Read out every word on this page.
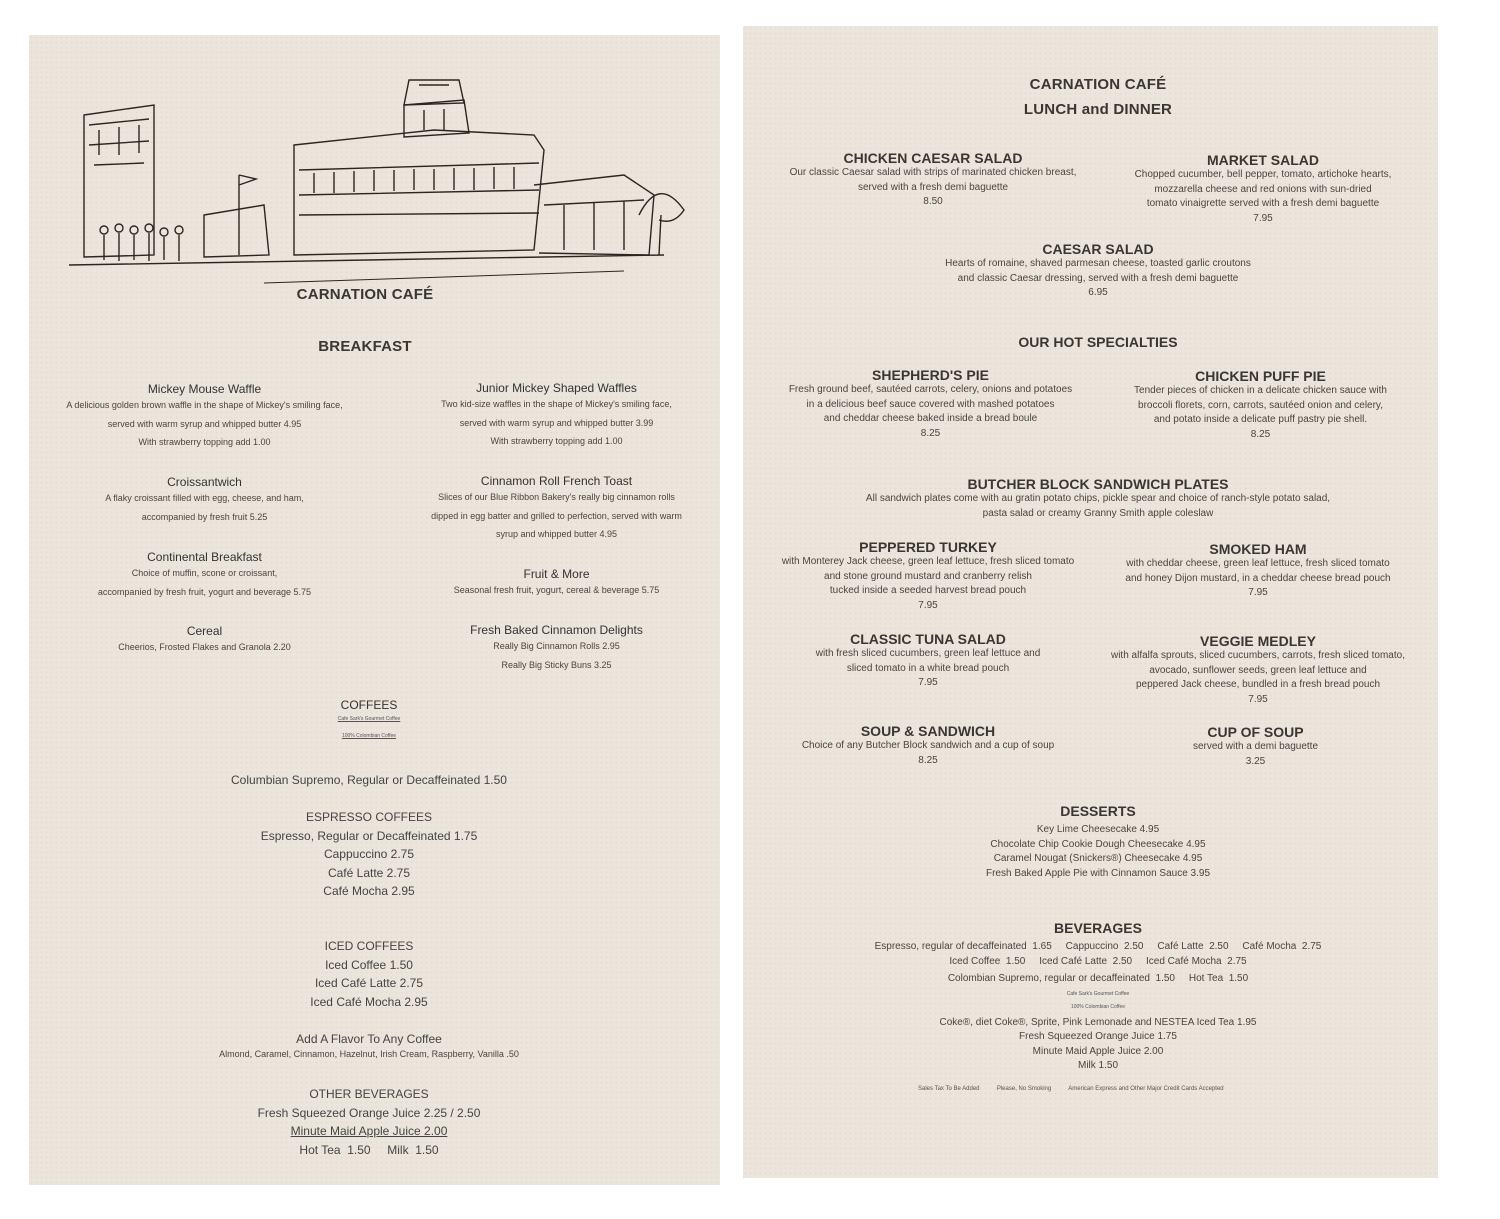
CARNATION CAFÉ
BREAKFAST
Mickey Mouse Waffle
A delicious golden brown waffle in the shape of Mickey's smiling face,
served with warm syrup and whipped butter 4.95
With strawberry topping add 1.00
Croissantwich
A flaky croissant filled with egg, cheese, and ham,
accompanied by fresh fruit 5.25
Continental Breakfast
Choice of muffin, scone or croissant,
accompanied by fresh fruit, yogurt and beverage 5.75
Cereal
Cheerios, Frosted Flakes and Granola 2.20
Junior Mickey Shaped Waffles
Two kid-size waffles in the shape of Mickey's smiling face,
served with warm syrup and whipped butter 3.99
With strawberry topping add 1.00
Cinnamon Roll French Toast
Slices of our Blue Ribbon Bakery's really big cinnamon rolls
dipped in egg batter and grilled to perfection, served with warm
syrup and whipped butter 4.95
Fruit & More
Seasonal fresh fruit, yogurt, cereal & beverage 5.75
Fresh Baked Cinnamon Delights
Really Big Cinnamon Rolls 2.95
Really Big Sticky Buns 3.25
COFFEES
Cafe Sark's Gourmet Coffee
100% Colombian Coffee
Columbian Supremo, Regular or Decaffeinated 1.50
ESPRESSO COFFEES
Espresso, Regular or Decaffeinated 1.75
Cappuccino 2.75
Café Latte 2.75
Café Mocha 2.95
ICED COFFEES
Iced Coffee 1.50
Iced Café Latte 2.75
Iced Café Mocha 2.95
Add A Flavor To Any Coffee
Almond, Caramel, Cinnamon, Hazelnut, Irish Cream, Raspberry, Vanilla .50
OTHER BEVERAGES
Fresh Squeezed Orange Juice 2.25 / 2.50
Minute Maid Apple Juice 2.00
Hot Tea  1.50     Milk  1.50
CARNATION CAFÉ
LUNCH and DINNER
CHICKEN CAESAR SALAD
Our classic Caesar salad with strips of marinated chicken breast,
served with a fresh demi baguette
8.50
MARKET SALAD
Chopped cucumber, bell pepper, tomato, artichoke hearts,
mozzarella cheese and red onions with sun-dried
tomato vinaigrette served with a fresh demi baguette
7.95
CAESAR SALAD
Hearts of romaine, shaved parmesan cheese, toasted garlic croutons
and classic Caesar dressing, served with a fresh demi baguette
6.95
OUR HOT SPECIALTIES
SHEPHERD'S PIE
Fresh ground beef, sautéed carrots, celery, onions and potatoes
in a delicious beef sauce covered with mashed potatoes
and cheddar cheese baked inside a bread boule
8.25
CHICKEN PUFF PIE
Tender pieces of chicken in a delicate chicken sauce with
broccoli florets, corn, carrots, sautéed onion and celery,
and potato inside a delicate puff pastry pie shell.
8.25
BUTCHER BLOCK SANDWICH PLATES
All sandwich plates come with au gratin potato chips, pickle spear and choice of ranch-style potato salad,
pasta salad or creamy Granny Smith apple coleslaw
PEPPERED TURKEY
with Monterey Jack cheese, green leaf lettuce, fresh sliced tomato
and stone ground mustard and cranberry relish
tucked inside a seeded harvest bread pouch
7.95
SMOKED HAM
with cheddar cheese, green leaf lettuce, fresh sliced tomato
and honey Dijon mustard, in a cheddar cheese bread pouch
7.95
CLASSIC TUNA SALAD
with fresh sliced cucumbers, green leaf lettuce and
sliced tomato in a white bread pouch
7.95
VEGGIE MEDLEY
with alfalfa sprouts, sliced cucumbers, carrots, fresh sliced tomato,
avocado, sunflower seeds, green leaf lettuce and
peppered Jack cheese, bundled in a fresh bread pouch
7.95
SOUP & SANDWICH
Choice of any Butcher Block sandwich and a cup of soup
8.25
CUP OF SOUP
served with a demi baguette
3.25
DESSERTS
Key Lime Cheesecake 4.95
Chocolate Chip Cookie Dough Cheesecake 4.95
Caramel Nougat (Snickers®) Cheesecake 4.95
Fresh Baked Apple Pie with Cinnamon Sauce 3.95
BEVERAGES
Espresso, regular of decaffeinated  1.65     Cappuccino  2.50     Café Latte  2.50     Café Mocha  2.75
Iced Coffee  1.50     Iced Café Latte  2.50     Iced Café Mocha  2.75
Colombian Supremo, regular or decaffeinated  1.50     Hot Tea  1.50
Cafe Sark's Gourmet Coffee
100% Colombian Coffee
Coke®, diet Coke®, Sprite, Pink Lemonade and NESTEA Iced Tea 1.95
Fresh Squeezed Orange Juice 1.75
Minute Maid Apple Juice 2.00
Milk 1.50
Sales Tax To Be Added	Please, No Smoking	American Express and Other Major Credit Cards Accepted
